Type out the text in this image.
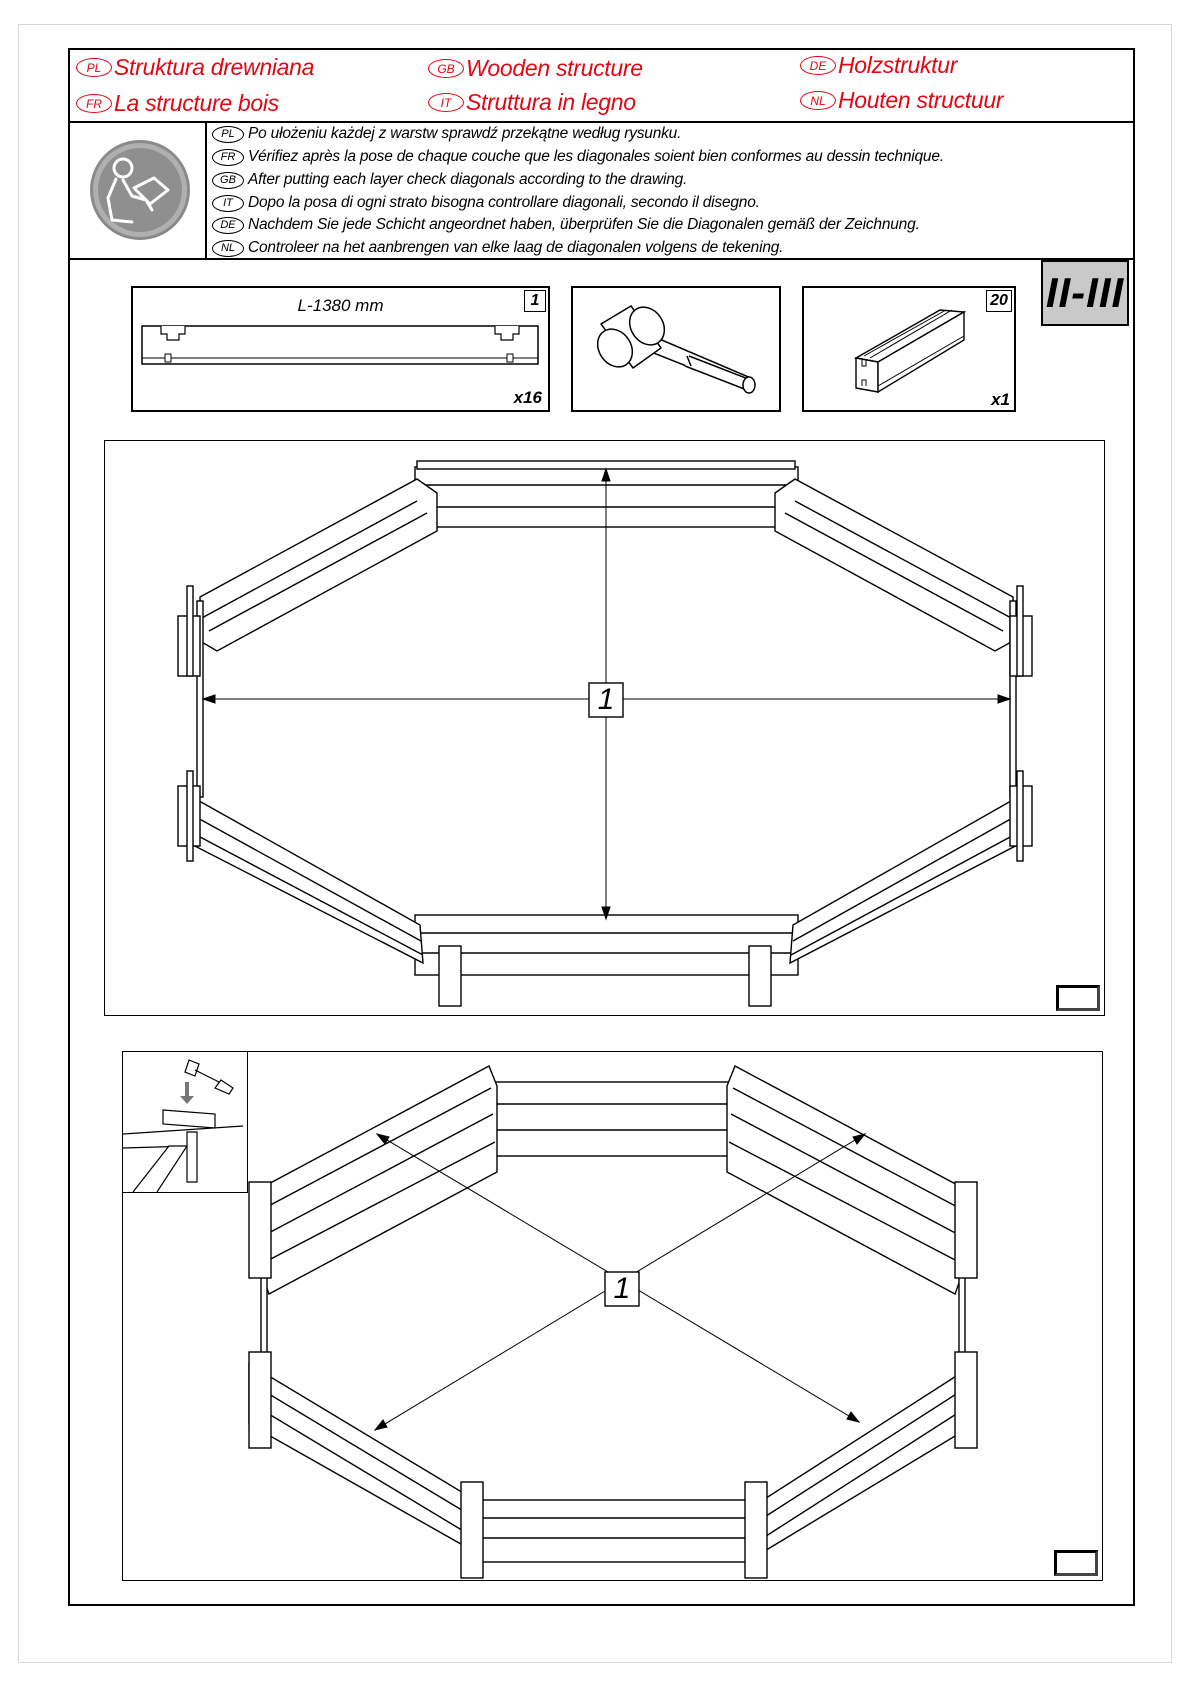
PL Struktura drewniana	GB Wooden structure	DE Holzstruktur
FR La structure bois	IT Struttura in legno	NL Houten structuur
PL Po ułożeniu każdej z warstw sprawdź przekątne według rysunku.
FR Vérifiez après la pose de chaque couche que les diagonales soient bien conformes au dessin technique.
GB After putting each layer check diagonals according to the drawing.
IT Dopo la posa di ogni strato bisogna controllare diagonali, secondo il disegno.
DE Nachdem Sie jede Schicht angeordnet haben, überprüfen Sie die Diagonalen gemäß der Zeichnung.
NL Controleer na het aanbrengen van elke laag de diagonalen volgens de tekening.
L-1380 mm	1
x16
20
x1
II-III
1
1
